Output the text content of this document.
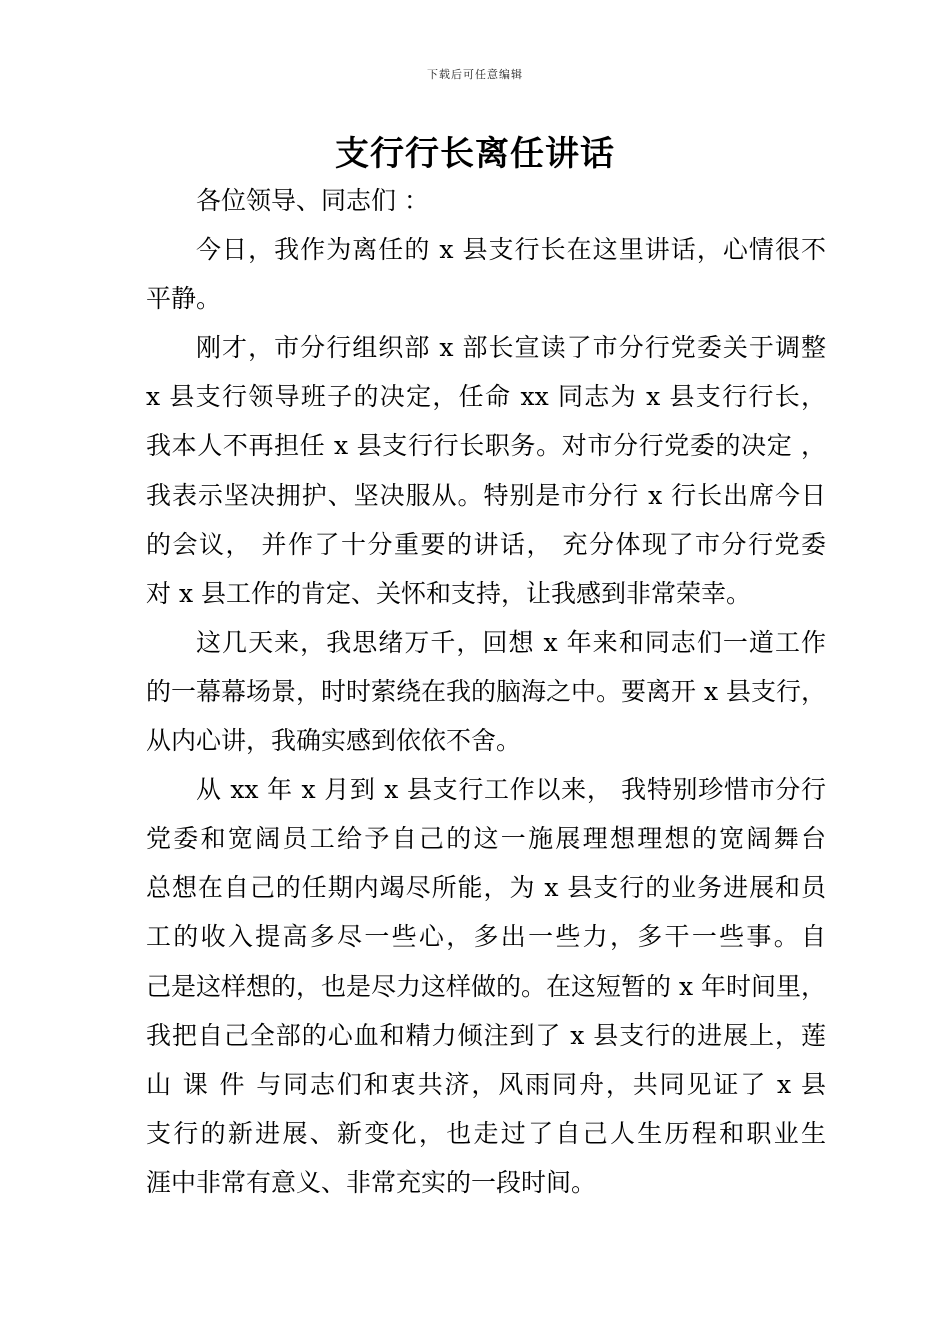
下载后可任意编辑
支行行长离任讲话
各位领导、同志们 ：
今日，我作为离任的 x 县支行长在这里讲话，心情很不
平静。
刚才，市分行组织部 x 部长宣读了市分行党委关于调整
x 县支行领导班子的决定，任命 xx 同志为 x 县支行行长，
我本人不再担任 x 县支行行长职务。对市分行党委的决定 ，
我表示坚决拥护、坚决服从。特别是市分行 x 行长出席今日
的会议， 并作了十分重要的讲话， 充分体现了市分行党委
对 x 县工作的肯定、关怀和支持，让我感到非常荣幸。
这几天来，我思绪万千，回想 x 年来和同志们一道工作
的一幕幕场景，时时萦绕在我的脑海之中。要离开 x 县支行，
从内心讲，我确实感到依依不舍。
从 xx 年 x 月到 x 县支行工作以来， 我特别珍惜市分行
党委和宽阔员工给予自己的这一施展理想理想的宽阔舞台
总想在自己的任期内竭尽所能，为 x 县支行的业务进展和员
工的收入提高多尽一些心，多出一些力，多干一些事。自
己是这样想的，也是尽力这样做的。在这短暂的 x 年时间里，
我把自己全部的心血和精力倾注到了 x 县支行的进展上，莲
山 课 件 与同志们和衷共济，风雨同舟，共同见证了 x 县
支行的新进展、新变化，也走过了自己人生历程和职业生
涯中非常有意义、非常充实的一段时间。
